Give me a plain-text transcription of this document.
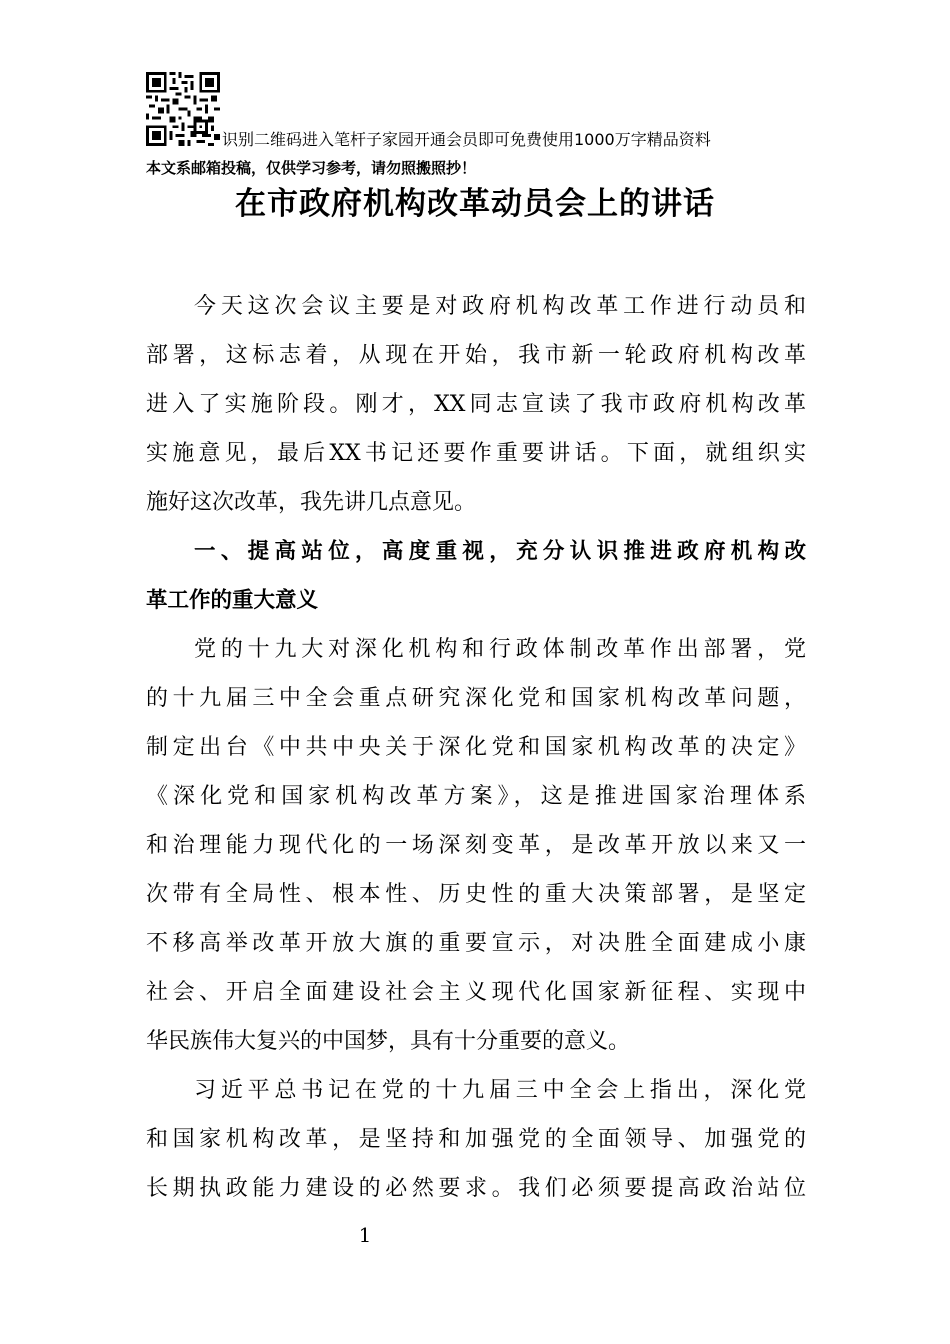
识别二维码进入笔杆子家园开通会员即可免费使用1000万字精品资料
本文系邮箱投稿，仅供学习参考，请勿照搬照抄！
在市政府机构改革动员会上的讲话
今天这次会议主要是对政府机构改革工作进行动员和
部署，这标志着，从现在开始，我市新一轮政府机构改革
进入了实施阶段。刚才，XX同志宣读了我市政府机构改革
实施意见，最后XX书记还要作重要讲话。下面，就组织实
施好这次改革，我先讲几点意见。
一、提高站位，高度重视，充分认识推进政府机构改
革工作的重大意义
党的十九大对深化机构和行政体制改革作出部署，党
的十九届三中全会重点研究深化党和国家机构改革问题，
制定出台《中共中央关于深化党和国家机构改革的决定》
《深化党和国家机构改革方案》，这是推进国家治理体系
和治理能力现代化的一场深刻变革，是改革开放以来又一
次带有全局性、根本性、历史性的重大决策部署，是坚定
不移高举改革开放大旗的重要宣示，对决胜全面建成小康
社会、开启全面建设社会主义现代化国家新征程、实现中
华民族伟大复兴的中国梦，具有十分重要的意义。
习近平总书记在党的十九届三中全会上指出，深化党
和国家机构改革，是坚持和加强党的全面领导、加强党的
长期执政能力建设的必然要求。我们必须要提高政治站位
1
